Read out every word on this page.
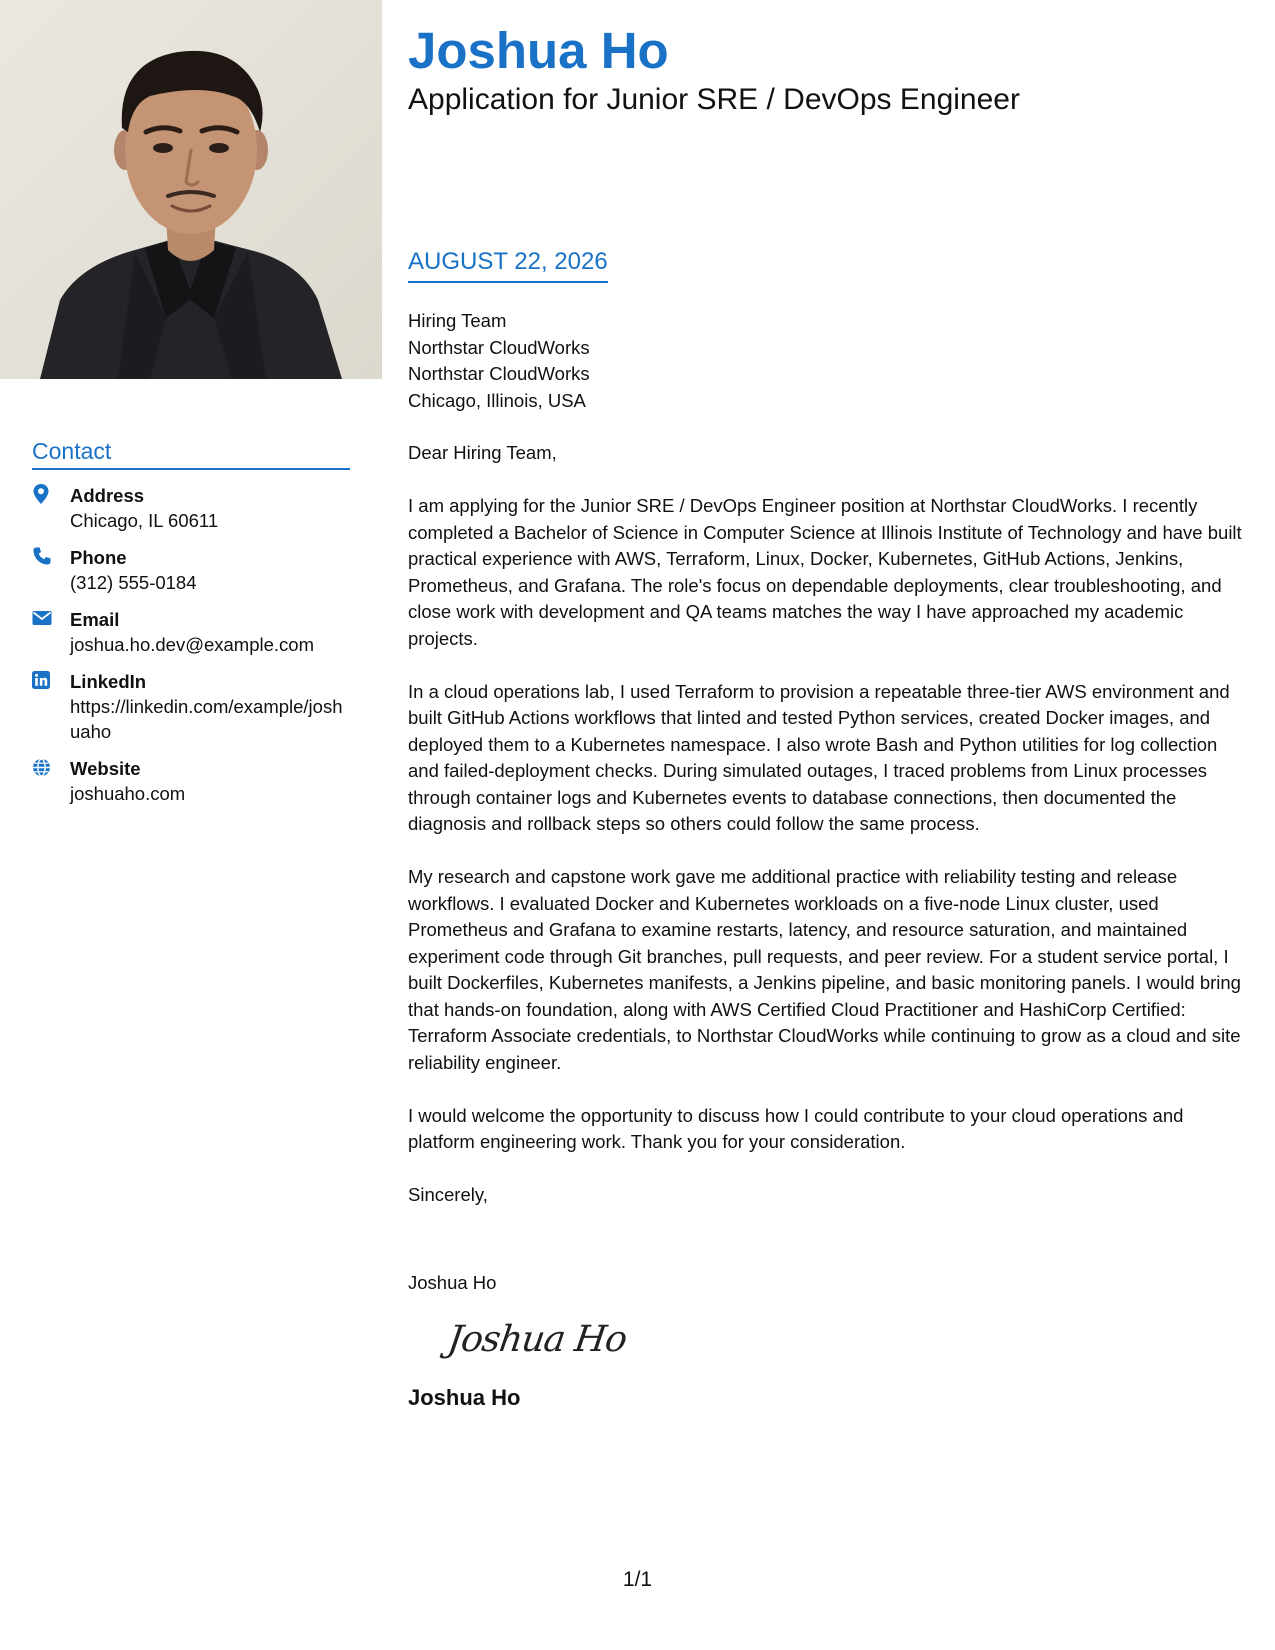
Contact
Address
Chicago, IL 60611
Phone
(312) 555-0184
Email
joshua.ho.dev@example.com
LinkedIn
https://linkedin.com/example/joshuaho
Website
joshuaho.com
Joshua Ho
Application for Junior SRE / DevOps Engineer
AUGUST 22, 2026
Hiring Team
Northstar CloudWorks
Northstar CloudWorks
Chicago, Illinois, USA

Dear Hiring Team,

I am applying for the Junior SRE / DevOps Engineer position at Northstar CloudWorks. I recently completed a Bachelor of Science in Computer Science at Illinois Institute of Technology and have built practical experience with AWS, Terraform, Linux, Docker, Kubernetes, GitHub Actions, Jenkins, Prometheus, and Grafana. The role's focus on dependable deployments, clear troubleshooting, and close work with development and QA teams matches the way I have approached my academic projects.

In a cloud operations lab, I used Terraform to provision a repeatable three-tier AWS environment and built GitHub Actions workflows that linted and tested Python services, created Docker images, and deployed them to a Kubernetes namespace. I also wrote Bash and Python utilities for log collection and failed-deployment checks. During simulated outages, I traced problems from Linux processes through container logs and Kubernetes events to database connections, then documented the diagnosis and rollback steps so others could follow the same process.

My research and capstone work gave me additional practice with reliability testing and release workflows. I evaluated Docker and Kubernetes workloads on a five-node Linux cluster, used Prometheus and Grafana to examine restarts, latency, and resource saturation, and maintained experiment code through Git branches, pull requests, and peer review. For a student service portal, I built Dockerfiles, Kubernetes manifests, a Jenkins pipeline, and basic monitoring panels. I would bring that hands-on foundation, along with AWS Certified Cloud Practitioner and HashiCorp Certified: Terraform Associate credentials, to Northstar CloudWorks while continuing to grow as a cloud and site reliability engineer.

I would welcome the opportunity to discuss how I could contribute to your cloud operations and platform engineering work. Thank you for your consideration.

Sincerely,

Joshua Ho
Joshua Ho
Joshua Ho
1/1
